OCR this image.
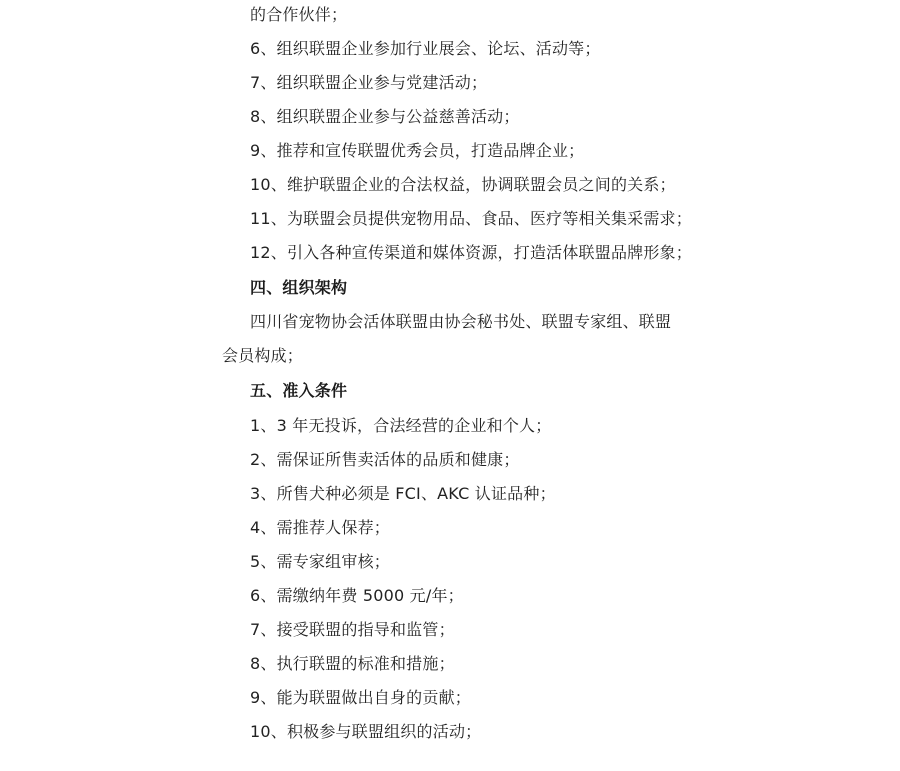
的合作伙伴；
6、组织联盟企业参加行业展会、论坛、活动等；
7、组织联盟企业参与党建活动；
8、组织联盟企业参与公益慈善活动；
9、推荐和宣传联盟优秀会员，打造品牌企业；
10、维护联盟企业的合法权益，协调联盟会员之间的关系；
11、为联盟会员提供宠物用品、食品、医疗等相关集采需求；
12、引入各种宣传渠道和媒体资源，打造活体联盟品牌形象；
四、组织架构
四川省宠物协会活体联盟由协会秘书处、联盟专家组、联盟
会员构成；
五、准入条件
1、3 年无投诉，合法经营的企业和个人；
2、需保证所售卖活体的品质和健康；
3、所售犬种必须是 FCI、AKC 认证品种；
4、需推荐人保荐；
5、需专家组审核；
6、需缴纳年费 5000 元/年；
7、接受联盟的指导和监管；
8、执行联盟的标准和措施；
9、能为联盟做出自身的贡献；
10、积极参与联盟组织的活动；
